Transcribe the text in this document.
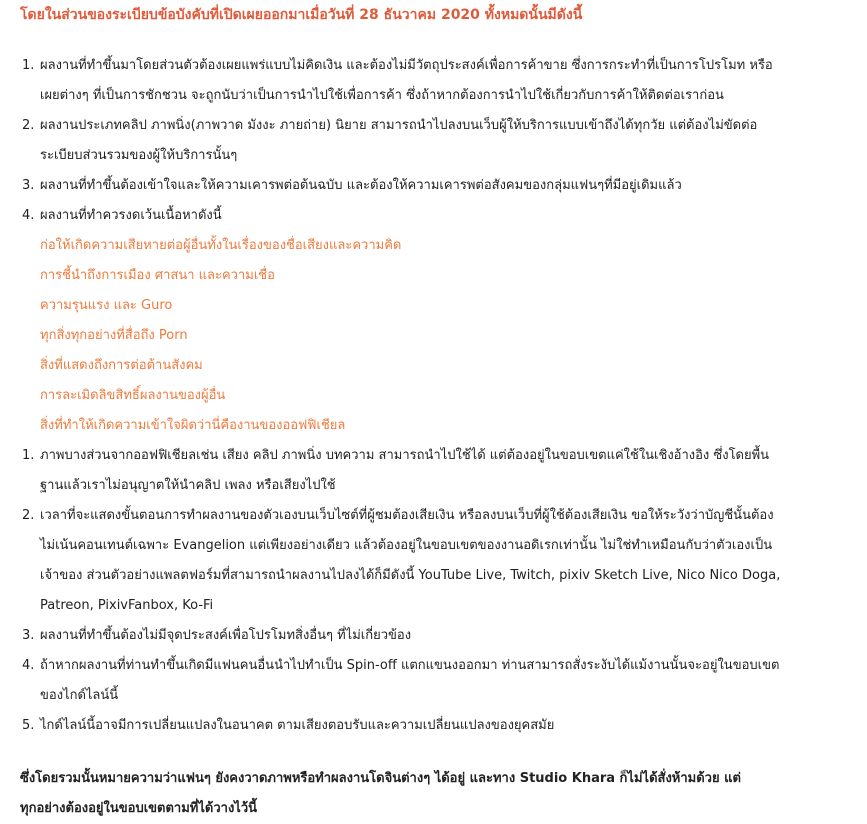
โดยในส่วนของระเบียบข้อบังคับที่เปิดเผยออกมาเมื่อวันที่ 28 ธันวาคม 2020 ทั้งหมดนั้นมีดังนี้
1. ผลงานที่ทำขึ้นมาโดยส่วนตัวต้องเผยแพร่แบบไม่คิดเงิน และต้องไม่มีวัตถุประสงค์เพื่อการค้าขาย ซึ่งการกระทำที่เป็นการโปรโมท หรือ
เผยต่างๆ ที่เป็นการชักชวน จะถูกนับว่าเป็นการนำไปใช้เพื่อการค้า ซึ่งถ้าหากต้องการนำไปใช้เกี่ยวกับการค้าให้ติดต่อเราก่อน
2. ผลงานประเภทคลิป ภาพนิ่ง(ภาพวาด มังงะ ภายถ่าย) นิยาย สามารถนำไปลงบนเว็บผู้ให้บริการแบบเข้าถึงได้ทุกวัย แต่ต้องไม่ขัดต่อ
ระเบียบส่วนรวมของผู้ให้บริการนั้นๆ
3. ผลงานที่ทำขึ้นต้องเข้าใจและให้ความเคารพต่อต้นฉบับ และต้องให้ความเคารพต่อสังคมของกลุ่มแฟนๆที่มีอยู่เดิมแล้ว
4. ผลงานที่ทำควรงดเว้นเนื้อหาดังนี้
ก่อให้เกิดความเสียหายต่อผู้อื่นทั้งในเรื่องของชื่อเสียงและความคิด
การชี้นำถึงการเมือง ศาสนา และความเชื่อ
ความรุนแรง และ Guro
ทุกสิ่งทุกอย่างที่สื่อถึง Porn
สิ่งที่แสดงถึงการต่อต้านสังคม
การละเมิดลิขสิทธิ์ผลงานของผู้อื่น
สิ่งที่ทำให้เกิดความเข้าใจผิดว่านี่คืองานของออฟฟิเชียล
1. ภาพบางส่วนจากออฟฟิเชียลเช่น เสียง คลิป ภาพนิ่ง บทความ สามารถนำไปใช้ได้ แต่ต้องอยู่ในขอบเขตแค่ใช้ในเชิงอ้างอิง ซึ่งโดยพื้น
ฐานแล้วเราไม่อนุญาตให้นำคลิป เพลง หรือเสียงไปใช้
2. เวลาที่จะแสดงขั้นตอนการทำผลงานของตัวเองบนเว็บไซต์ที่ผู้ชมต้องเสียเงิน หรือลงบนเว็บที่ผู้ใช้ต้องเสียเงิน ขอให้ระวังว่าบัญชีนั้นต้อง
ไม่เน้นคอนเทนต์เฉพาะ Evangelion แต่เพียงอย่างเดียว แล้วต้องอยู่ในขอบเขตของงานอดิเรกเท่านั้น ไม่ใช่ทำเหมือนกับว่าตัวเองเป็น
เจ้าของ ส่วนตัวอย่างแพลตฟอร์มที่สามารถนำผลงานไปลงได้ก็มีดังนี้ YouTube Live, Twitch, pixiv Sketch Live, Nico Nico Doga,
Patreon, PixivFanbox, Ko-Fi
3. ผลงานที่ทำขึ้นต้องไม่มีจุดประสงค์เพื่อโปรโมทสิ่งอื่นๆ ที่ไม่เกี่ยวข้อง
4. ถ้าหากผลงานที่ท่านทำขึ้นเกิดมีแฟนคนอื่นนำไปทำเป็น Spin-off แตกแขนงออกมา ท่านสามารถสั่งระงับได้แม้งานนั้นจะอยู่ในขอบเขต
ของไกด์ไลน์นี้
5. ไกด์ไลน์นี้อาจมีการเปลี่ยนแปลงในอนาคต ตามเสียงตอบรับและความเปลี่ยนแปลงของยุคสมัย
ซึ่งโดยรวมนั้นหมายความว่าแฟนๆ ยังคงวาดภาพหรือทำผลงานโดจินต่างๆ ได้อยู่ และทาง Studio Khara ก็ไม่ได้สั่งห้ามด้วย แต่
ทุกอย่างต้องอยู่ในขอบเขตตามที่ได้วางไว้นี้
